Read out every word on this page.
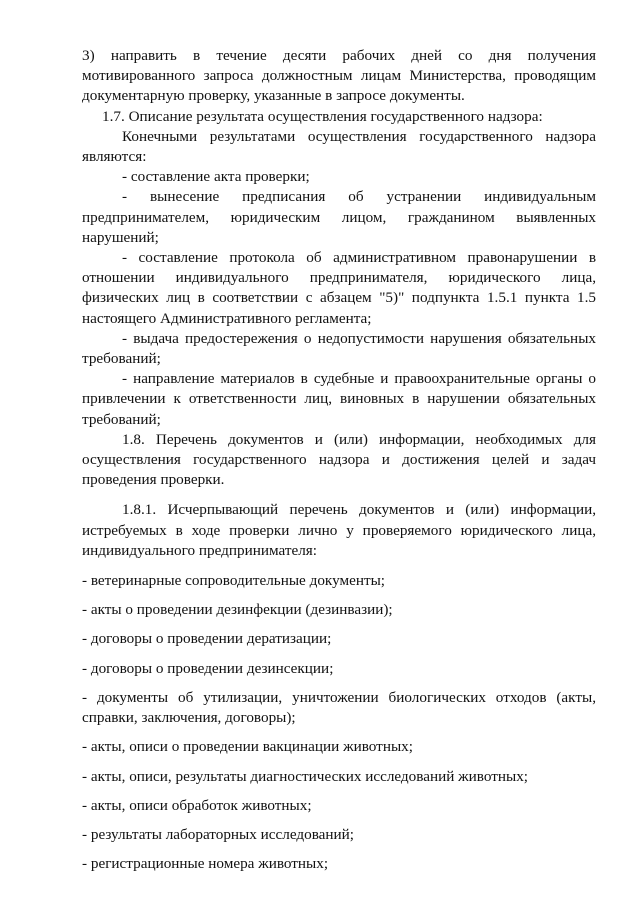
3) направить в течение десяти рабочих дней со дня получения мотивированного запроса должностным лицам Министерства, проводящим документарную проверку, указанные в запросе документы.

1.7. Описание результата осуществления государственного надзора:

Конечными результатами осуществления государственного надзора являются:

- составление акта проверки;

- вынесение предписания об устранении индивидуальным предпринимателем, юридическим лицом, гражданином выявленных нарушений;

- составление протокола об административном правонарушении в отношении индивидуального предпринимателя, юридического лица, физических лиц в соответствии с абзацем "5)" подпункта 1.5.1 пункта 1.5 настоящего Административного регламента;

- выдача предостережения о недопустимости нарушения обязательных требований;

- направление материалов в судебные и правоохранительные органы о привлечении к ответственности лиц, виновных в нарушении обязательных требований;

1.8. Перечень документов и (или) информации, необходимых для осуществления государственного надзора и достижения целей и задач проведения проверки.

1.8.1. Исчерпывающий перечень документов и (или) информации, истребуемых в ходе проверки лично у проверяемого юридического лица, индивидуального предпринимателя:

- ветеринарные сопроводительные документы;

- акты о проведении дезинфекции (дезинвазии);

- договоры о проведении дератизации;

- договоры о проведении дезинсекции;

- документы об утилизации, уничтожении биологических отходов (акты, справки, заключения, договоры);

- акты, описи о проведении вакцинации животных;

- акты, описи, результаты диагностических исследований животных;

- акты, описи обработок животных;

- результаты лабораторных исследований;

- регистрационные номера животных;
